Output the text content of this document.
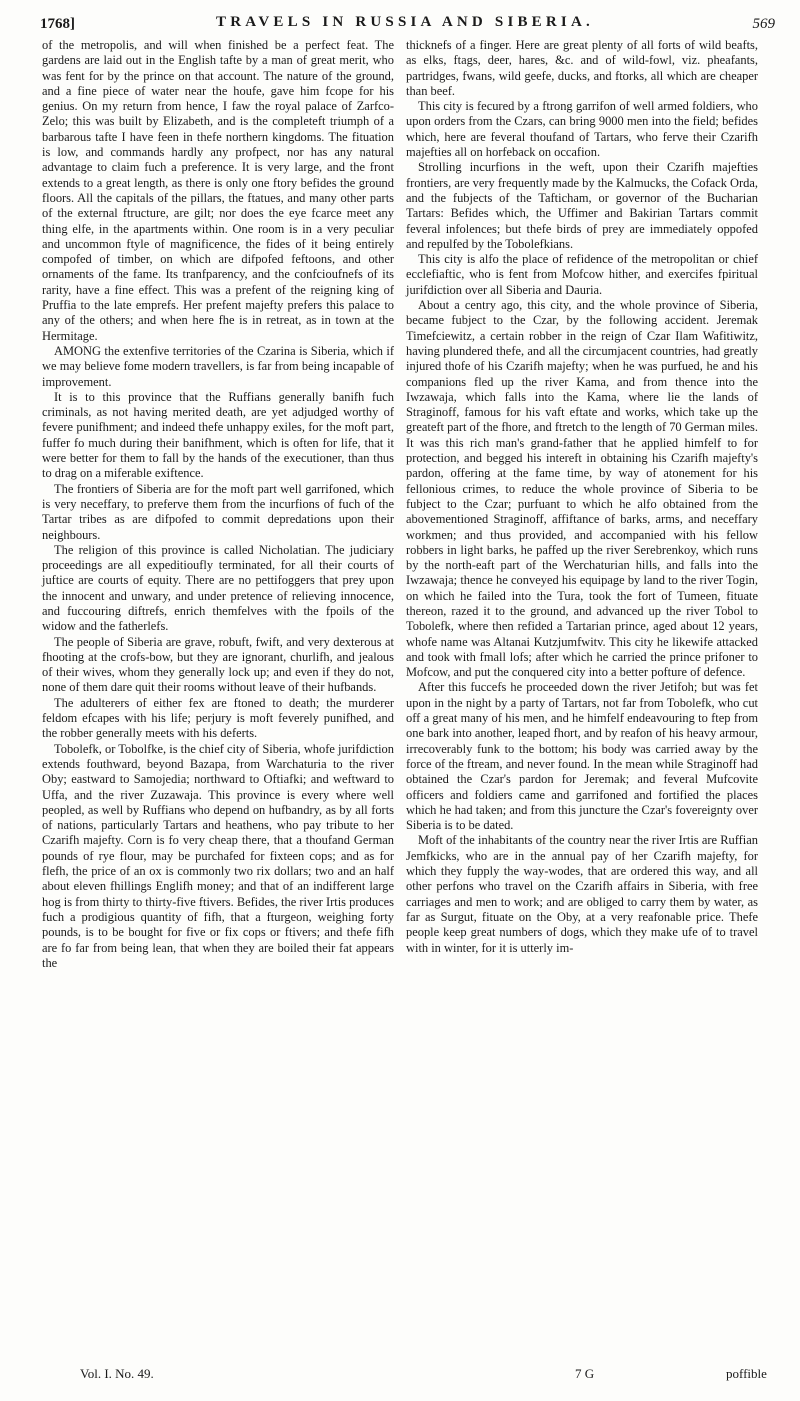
1768]	TRAVELS IN RUSSIA AND SIBERIA.	569

of the metropolis, and will when finished be a perfect feat. The gardens are laid out in the English tafte by a man of great merit, who was fent for by the prince on that account. The nature of the ground, and a fine piece of water near the houfe, gave him fcope for his genius. On my return from hence, I faw the royal palace of Zarfco-Zelo; this was built by Elizabeth, and is the completeft triumph of a barbarous tafte I have feen in thefe northern kingdoms. The fituation is low, and commands hardly any profpect, nor has any natural advantage to claim fuch a preference. It is very large, and the front extends to a great length, as there is only one ftory befides the ground floors. All the capitals of the pillars, the ftatues, and many other parts of the external ftructure, are gilt; nor does the eye fcarce meet any thing elfe, in the apartments within. One room is in a very peculiar and uncommon ftyle of magnificence, the fides of it being entirely compofed of timber, on which are difpofed feftoons, and other ornaments of the fame. Its tranfparency, and the confcioufnefs of its rarity, have a fine effect. This was a prefent of the reigning king of Pruffia to the late emprefs. Her prefent majefty prefers this palace to any of the others; and when here fhe is in retreat, as in town at the Hermitage.

AMONG the extenfive territories of the Czarina is Siberia, which if we may believe fome modern travellers, is far from being incapable of improvement.

It is to this province that the Ruffians generally banifh fuch criminals, as not having merited death, are yet adjudged worthy of fevere punifhment; and indeed thefe unhappy exiles, for the moft part, fuffer fo much during their banifhment, which is often for life, that it were better for them to fall by the hands of the executioner, than thus to drag on a miferable exiftence.

The frontiers of Siberia are for the moft part well garrifoned, which is very neceffary, to preferve them from the incurfions of fuch of the Tartar tribes as are difpofed to commit depredations upon their neighbours.

The religion of this province is called Nicholatian. The judiciary proceedings are all expeditioufly terminated, for all their courts of juftice are courts of equity. There are no pettifoggers that prey upon the innocent and unwary, and under pretence of relieving innocence, and fuccouring diftrefs, enrich themfelves with the fpoils of the widow and the fatherlefs.

The people of Siberia are grave, robuft, fwift, and very dexterous at fhooting at the crofs-bow, but they are ignorant, churlifh, and jealous of their wives, whom they generally lock up; and even if they do not, none of them dare quit their rooms without leave of their hufbands.

The adulterers of either fex are ftoned to death; the murderer feldom efcapes with his life; perjury is moft feverely punifhed, and the robber generally meets with his deferts.

Tobolefk, or Tobolfke, is the chief city of Siberia, whofe jurifdiction extends fouthward, beyond Bazapa, from Warchaturia to the river Oby; eastward to Samojedia; northward to Oftiafki; and weftward to Uffa, and the river Zuzawaja. This province is every where well peopled, as well by Ruffians who depend on hufbandry, as by all forts of nations, particularly Tartars and heathens, who pay tribute to her Czarifh majefty. Corn is fo very cheap there, that a thoufand German pounds of rye flour, may be purchafed for fixteen cops; and as for flefh, the price of an ox is commonly two rix dollars; two and an half about eleven fhillings Englifh money; and that of an indifferent large hog is from thirty to thirty-five ftivers. Befides, the river Irtis produces fuch a prodigious quantity of fifh, that a fturgeon, weighing forty pounds, is to be bought for five or fix cops or ftivers; and thefe fifh are fo far from being lean, that when they are boiled their fat appears the

thicknefs of a finger. Here are great plenty of all forts of wild beafts, as elks, ftags, deer, hares, &c. and of wild-fowl, viz. pheafants, partridges, fwans, wild geefe, ducks, and ftorks, all which are cheaper than beef.

This city is fecured by a ftrong garrifon of well armed foldiers, who upon orders from the Czars, can bring 9000 men into the field; befides which, here are feveral thoufand of Tartars, who ferve their Czarifh majefties all on horfeback on occafion.

Strolling incurfions in the weft, upon their Czarifh majefties frontiers, are very frequently made by the Kalmucks, the Cofack Orda, and the fubjects of the Tafticham, or governor of the Bucharian Tartars: Befides which, the Uffimer and Bakirian Tartars commit feveral infolences; but thefe birds of prey are immediately oppofed and repulfed by the Tobolefkians.

This city is alfo the place of refidence of the metropolitan or chief ecclefiaftic, who is fent from Mofcow hither, and exercifes fpiritual jurifdiction over all Siberia and Dauria.

About a centry ago, this city, and the whole province of Siberia, became fubject to the Czar, by the following accident. Jeremak Timefciewitz, a certain robber in the reign of Czar Ilam Wafitiwitz, having plundered thefe, and all the circumjacent countries, had greatly injured thofe of his Czarifh majefty; when he was purfued, he and his companions fled up the river Kama, and from thence into the Iwzawaja, which falls into the Kama, where lie the lands of Straginoff, famous for his vaft eftate and works, which take up the greateft part of the fhore, and ftretch to the length of 70 German miles. It was this rich man's grand-father that he applied himfelf to for protection, and begged his intereft in obtaining his Czarifh majefty's pardon, offering at the fame time, by way of atonement for his fellonious crimes, to reduce the whole province of Siberia to be fubject to the Czar; purfuant to which he alfo obtained from the abovementioned Straginoff, affiftance of barks, arms, and neceffary workmen; and thus provided, and accompanied with his fellow robbers in light barks, he paffed up the river Serebrenkoy, which runs by the north-eaft part of the Werchaturian hills, and falls into the Iwzawaja; thence he conveyed his equipage by land to the river Togin, on which he failed into the Tura, took the fort of Tumeen, fituate thereon, razed it to the ground, and advanced up the river Tobol to Tobolefk, where then refided a Tartarian prince, aged about 12 years, whofe name was Altanai Kutzjumfwitv. This city he likewife attacked and took with fmall lofs; after which he carried the prince prifoner to Mofcow, and put the conquered city into a better pofture of defence.

After this fuccefs he proceeded down the river Jetifoh; but was fet upon in the night by a party of Tartars, not far from Tobolefk, who cut off a great many of his men, and he himfelf endeavouring to ftep from one bark into another, leaped fhort, and by reafon of his heavy armour, irrecoverably funk to the bottom; his body was carried away by the force of the ftream, and never found. In the mean while Straginoff had obtained the Czar's pardon for Jeremak; and feveral Mufcovite officers and foldiers came and garrifoned and fortified the places which he had taken; and from this juncture the Czar's fovereignty over Siberia is to be dated.

Moft of the inhabitants of the country near the river Irtis are Ruffian Jemfkicks, who are in the annual pay of her Czarifh majefty, for which they fupply the way-wodes, that are ordered this way, and all other perfons who travel on the Czarifh affairs in Siberia, with free carriages and men to work; and are obliged to carry them by water, as far as Surgut, fituate on the Oby, at a very reafonable price. Thefe people keep great numbers of dogs, which they make ufe of to travel with in winter, for it is utterly im-

Vol. I. No. 49.	7 G	poffible
